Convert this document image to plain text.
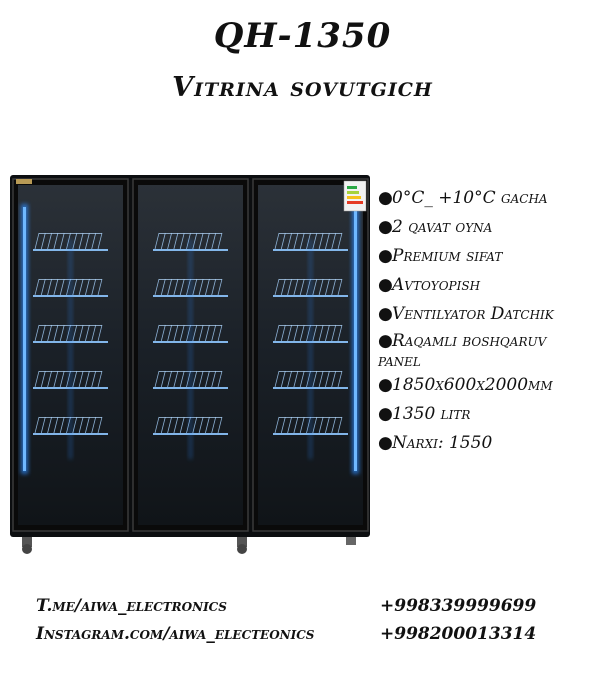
QH-1350
Vitrina sovutgich
●0°C_ +10°C gacha
●2 qavat oyna
●Premium sifat
●Avtoyopish
●Ventilyator Datchik
●Raqamli boshqaruv
panel
●1850x600x2000mm
●1350 litr
●Narxi: 1550
T.me/aiwa_electronics
Instagram.com/aiwa_electeonics
+998339999699
+998200013314
